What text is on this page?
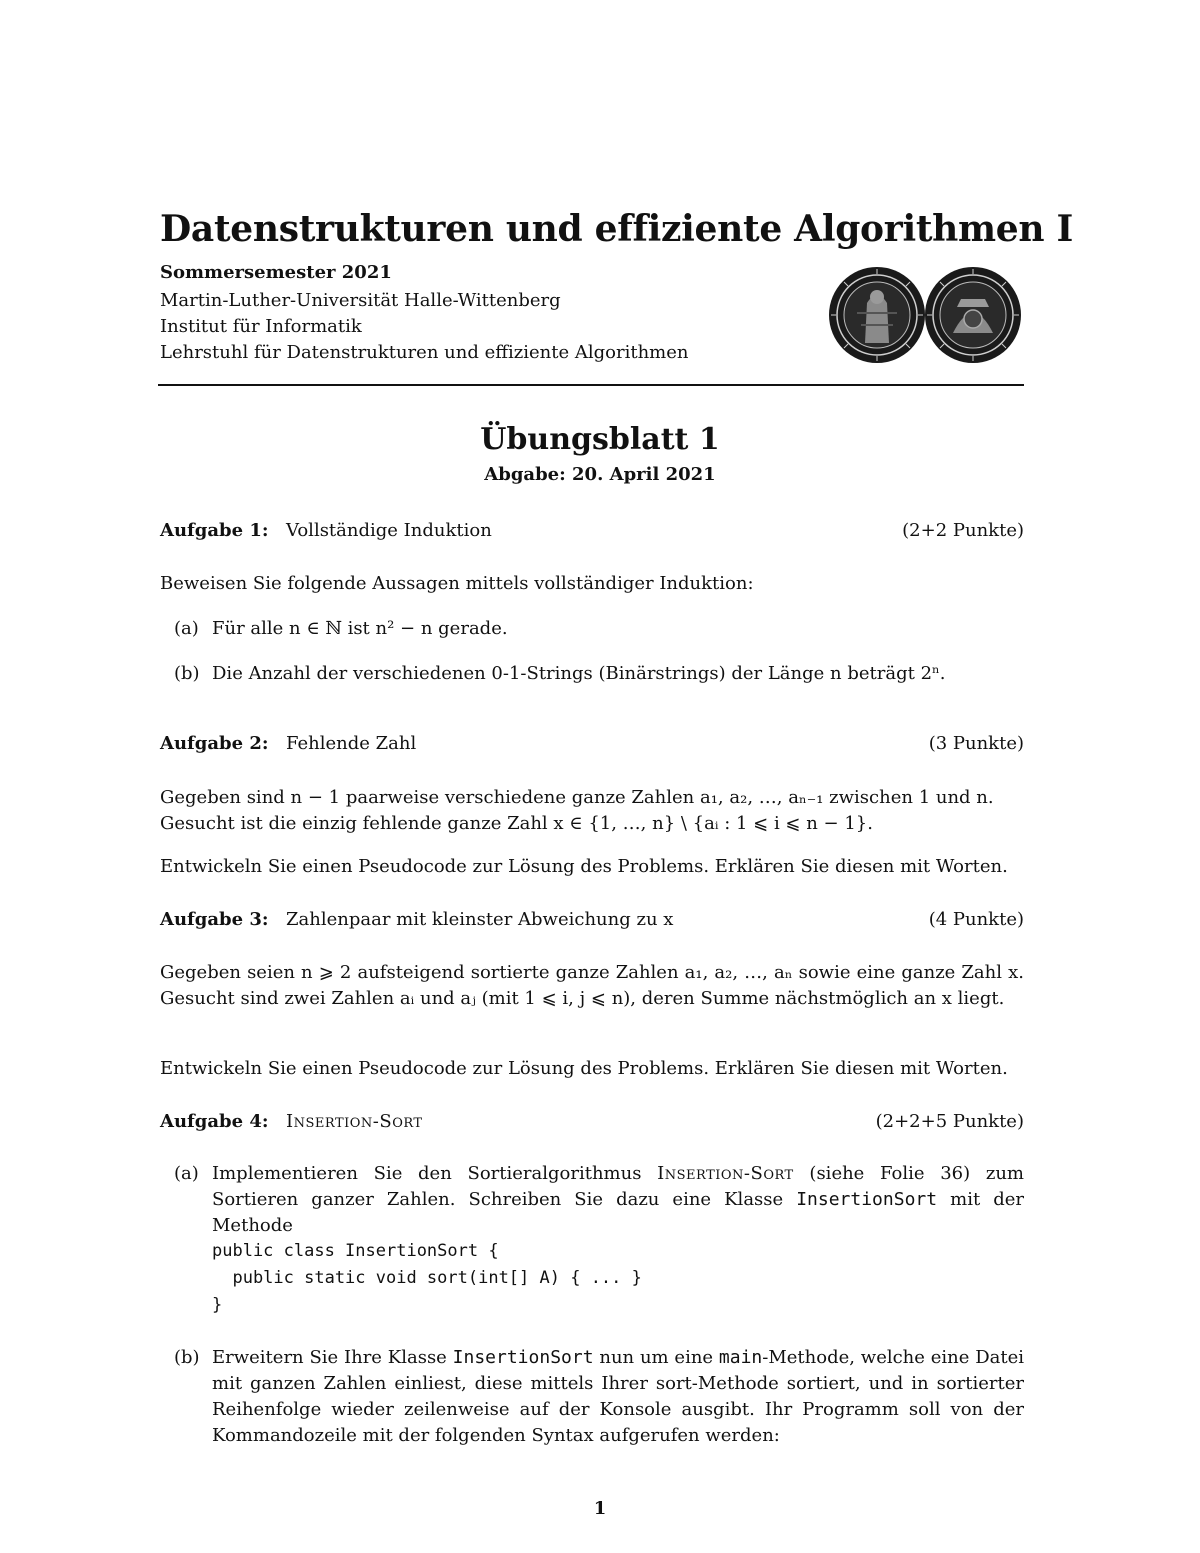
Datenstrukturen und effiziente Algorithmen I
Sommersemester 2021
Martin-Luther-Universität Halle-Wittenberg
Institut für Informatik
Lehrstuhl für Datenstrukturen und effiziente Algorithmen
Übungsblatt 1
Abgabe: 20. April 2021
Aufgabe 1: Vollständige Induktion	(2+2 Punkte)
Beweisen Sie folgende Aussagen mittels vollständiger Induktion:
(a) Für alle n ∈ ℕ ist n² − n gerade.
(b) Die Anzahl der verschiedenen 0-1-Strings (Binärstrings) der Länge n beträgt 2ⁿ.
Aufgabe 2: Fehlende Zahl	(3 Punkte)
Gegeben sind n − 1 paarweise verschiedene ganze Zahlen a₁, a₂, …, aₙ₋₁ zwischen 1 und n. Gesucht ist die einzig fehlende ganze Zahl x ∈ {1, …, n} \ {aᵢ : 1 ⩽ i ⩽ n − 1}.
Entwickeln Sie einen Pseudocode zur Lösung des Problems. Erklären Sie diesen mit Worten.
Aufgabe 3: Zahlenpaar mit kleinster Abweichung zu x	(4 Punkte)
Gegeben seien n ⩾ 2 aufsteigend sortierte ganze Zahlen a₁, a₂, …, aₙ sowie eine ganze Zahl x. Gesucht sind zwei Zahlen aᵢ und aⱼ (mit 1 ⩽ i, j ⩽ n), deren Summe nächstmöglich an x liegt.
Entwickeln Sie einen Pseudocode zur Lösung des Problems. Erklären Sie diesen mit Worten.
Aufgabe 4: Insertion-Sort	(2+2+5 Punkte)
(a) Implementieren Sie den Sortieralgorithmus Insertion-Sort (siehe Folie 36) zum Sortieren ganzer Zahlen. Schreiben Sie dazu eine Klasse InsertionSort mit der Methode
public class InsertionSort {
public static void sort(int[] A) { ... }
}
(b) Erweitern Sie Ihre Klasse InsertionSort nun um eine main-Methode, welche eine Datei mit ganzen Zahlen einliest, diese mittels Ihrer sort-Methode sortiert, und in sortierter Reihenfolge wieder zeilenweise auf der Konsole ausgibt. Ihr Programm soll von der Kommandozeile mit der folgenden Syntax aufgerufen werden:
1
